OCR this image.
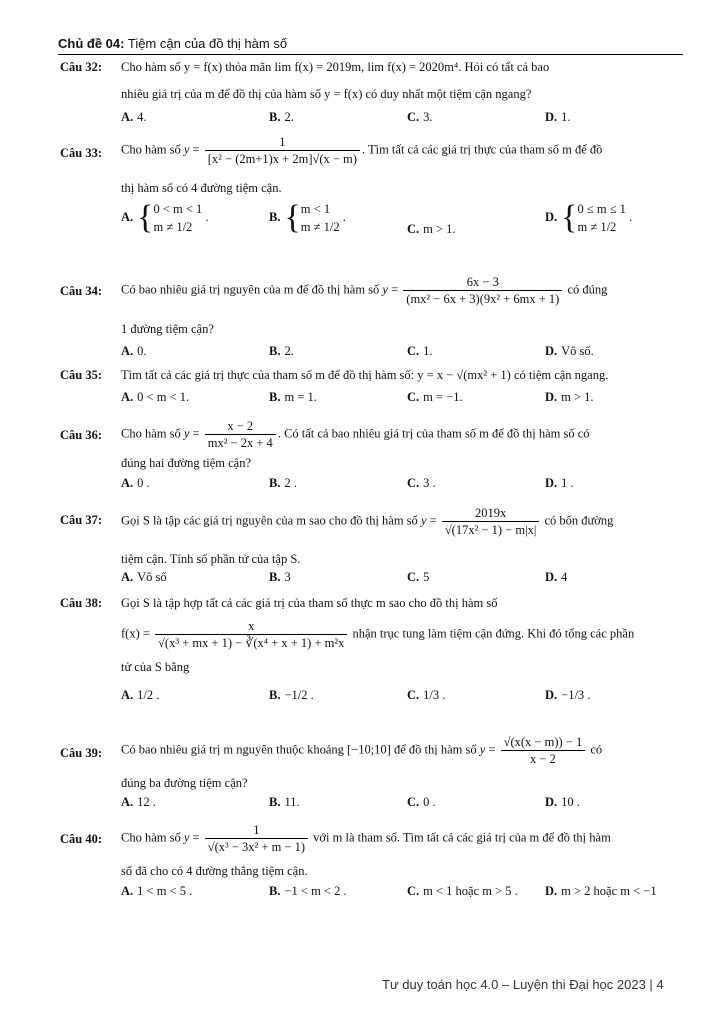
Chủ đề 04: Tiệm cận của đồ thị hàm số
Câu 32: Cho hàm số y = f(x) thỏa mãn lim f(x) = 2019m, lim f(x) = 2020m⁴. Hỏi có tất cả bao
nhiêu giá trị của m để đồ thị của hàm số y = f(x) có duy nhất một tiệm cận ngang?
A. 4.	B. 2.	C. 3.	D. 1.
Câu 33: Cho hàm số $y = \frac{1}{\text{[x² − (2m+1)x + 2m]√(x − m)}}$ . Tìm tất cả các giá trị thực của tham số m để đồ
thị hàm số có 4 đường tiệm cận.
A. {0 < m < 1
m ≠ 1/2 .	B. {m < 1
m ≠ 1/2 .
C. m > 1.
D. {0 ≤ m ≤ 1
m ≠ 1/2 .
Câu 34: Có bao nhiêu giá trị nguyên của m để đồ thị hàm số $y = \frac{6x - 3}{\text{(mx² − 6x + 3)(9x² + 6mx + 1)}}$ có đúng
1 đường tiệm cận?
A. 0.	B. 2.	C. 1.	D. Vô số.
Câu 35: Tìm tất cả các giá trị thực của tham số m để đồ thị hàm số: y = x − √(mx² + 1) có tiệm cận ngang.
A. 0 < m < 1.	B. m = 1.	C. m = −1.	D. m > 1.
Câu 36: Cho hàm số $y = \frac{x - 2}{\text{mx² − 2x + 4}}$ . Có tất cả bao nhiêu giá trị của tham số m để đồ thị hàm số có
đúng hai đường tiệm cận?
A. 0 .	B. 2 .	C. 3 .	D. 1 .
Câu 37: Gọi S là tập các giá trị nguyên của m sao cho đồ thị hàm số $y = \frac{2019x}{\text{√(17x² − 1) − m|x|}}$ có bốn đường
tiệm cận. Tính số phần tử của tập S.
A. Vô số	B. 3	C. 5	D. 4
Câu 38: Gọi S là tập hợp tất cả các giá trị của tham số thực m sao cho đồ thị hàm số
$f(x) = \frac{x}{\text{√(x³ + mx + 1) − ∛(x⁴ + x + 1) + m²x}}$ nhận trục tung làm tiệm cận đứng. Khi đó tổng các phần
tử của S bằng
A. 1/2 .	B. −1/2 .	C. 1/3 .	D. −1/3 .
Câu 39: Có bao nhiêu giá trị m nguyên thuộc khoảng [−10;10] để đồ thị hàm số $y = \frac{√(x(x - m)) - 1}{x - 2}$ có
đúng ba đường tiệm cận?
A. 12 .	B. 11.	C. 0 .	D. 10 .
Câu 40: Cho hàm số $y = \frac{1}{\text{√(x³ − 3x² + m − 1)}}$ với m là tham số. Tìm tất cả các giá trị của m để đồ thị hàm
số đã cho có 4 đường thẳng tiệm cận.
A. 1 < m < 5 .	B. −1 < m < 2 .	C. m < 1 hoặc m > 5 . D. m > 2 hoặc m < −1
Tư duy toán học 4.0 – Luyện thi Đại học 2023 | 4
